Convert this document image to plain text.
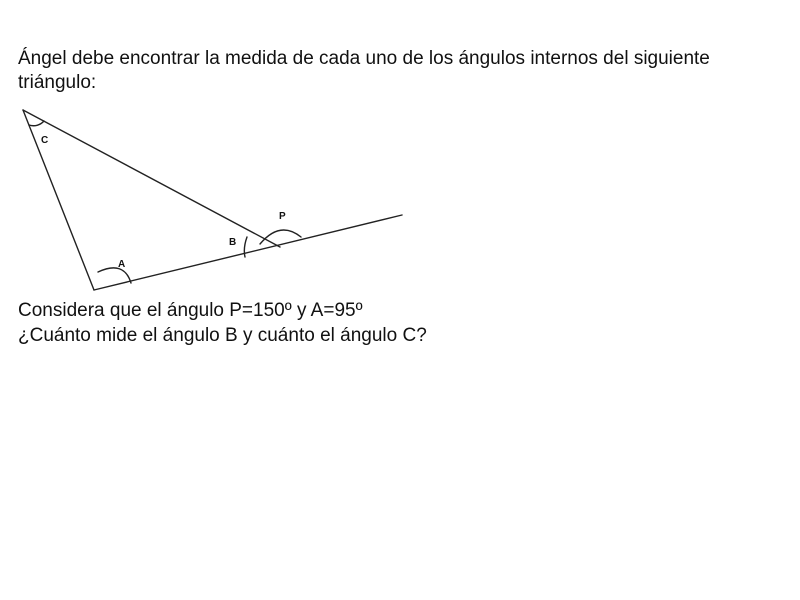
Ángel debe encontrar la medida de cada uno de los ángulos internos del siguiente triángulo:

C
B
P
A

Considera que el ángulo P=150º y A=95º

¿Cuánto mide el ángulo B y cuánto el ángulo C?
